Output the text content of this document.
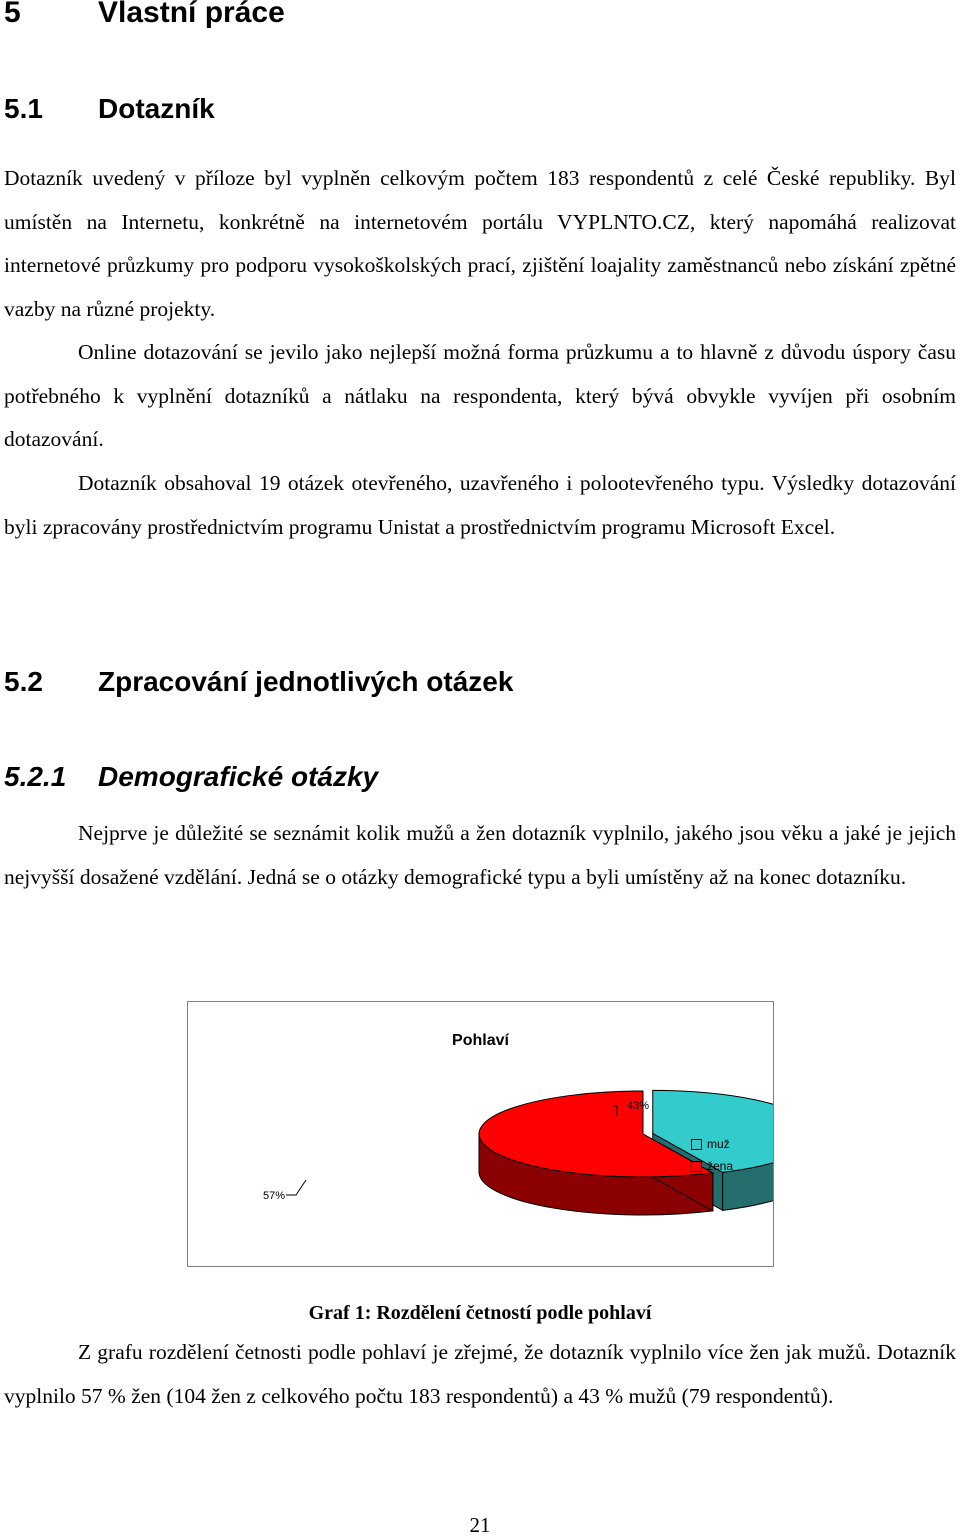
5	Vlastní práce
5.1 Dotazník
Dotazník uvedený v příloze byl vyplněn celkovým počtem 183 respondentů z celé České republiky. Byl umístěn na Internetu, konkrétně na internetovém portálu VYPLNTO.CZ, který napomáhá realizovat internetové průzkumy pro podporu vysokoškolských prací, zjištění loajality zaměstnanců nebo získání zpětné vazby na různé projekty.
Online dotazování se jevilo jako nejlepší možná forma průzkumu a to hlavně z důvodu úspory času potřebného k vyplnění dotazníků a nátlaku na respondenta, který bývá obvykle vyvíjen při osobním dotazování.
Dotazník obsahoval 19 otázek otevřeného, uzavřeného i polootevřeného typu. Výsledky dotazování byli zpracovány prostřednictvím programu Unistat a prostřednictvím programu Microsoft Excel.
5.2 Zpracování jednotlivých otázek
5.2.1 Demografické otázky
Nejprve je důležité se seznámit kolik mužů a žen dotazník vyplnilo, jakého jsou věku a jaké je jejich nejvyšší dosažené vzdělání. Jedná se o otázky demografické typu a byli umístěny až na konec dotazníku.
Pohlaví
43%
57%
muž
žena
Graf 1: Rozdělení četností podle pohlaví
Z grafu rozdělení četnosti podle pohlaví je zřejmé, že dotazník vyplnilo více žen jak mužů. Dotazník vyplnilo 57 % žen (104 žen z celkového počtu 183 respondentů) a 43 % mužů (79 respondentů).
21
